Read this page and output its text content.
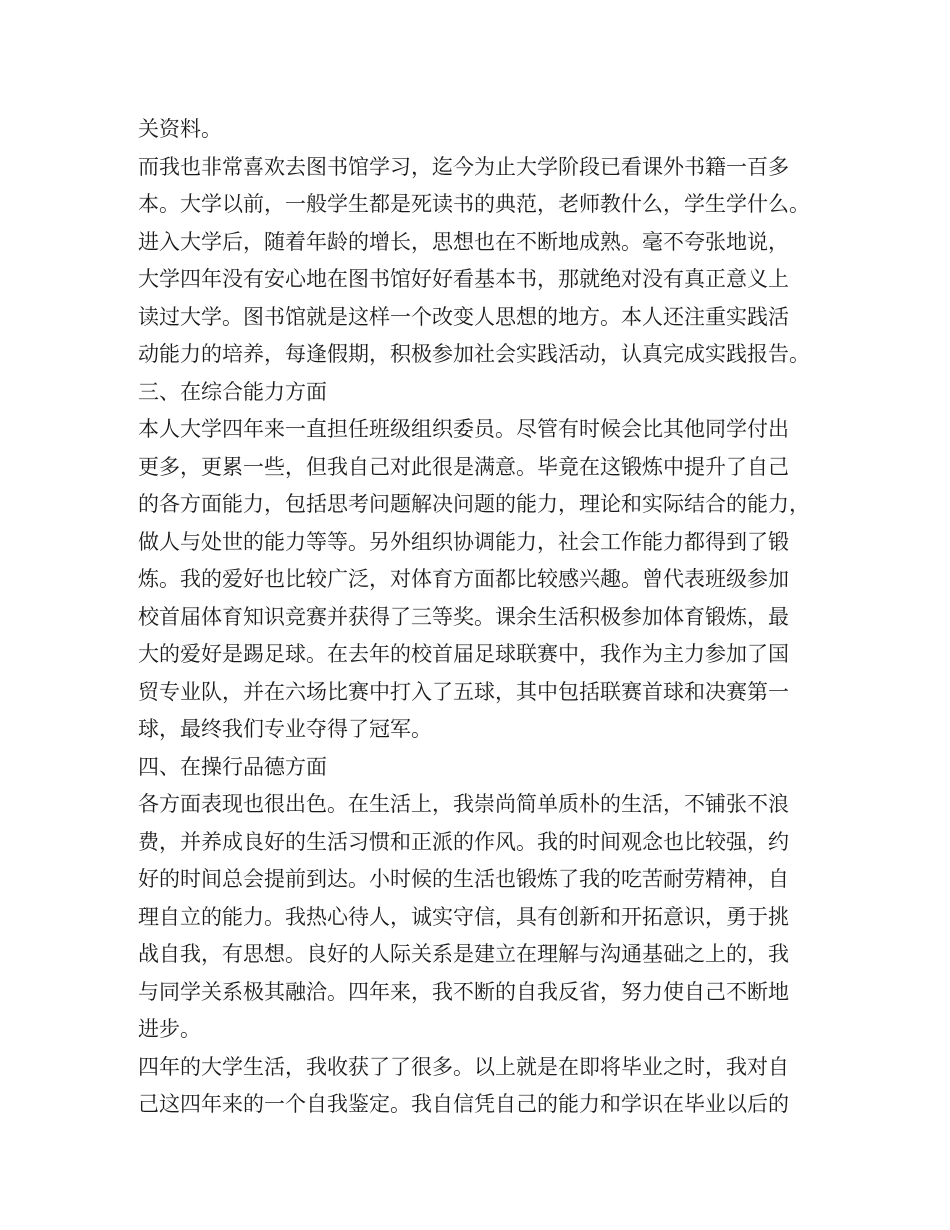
关资料。
而我也非常喜欢去图书馆学习，迄今为止大学阶段已看课外书籍一百多
本。大学以前，一般学生都是死读书的典范，老师教什么，学生学什么。
进入大学后，随着年龄的增长，思想也在不断地成熟。毫不夸张地说，
大学四年没有安心地在图书馆好好看基本书，那就绝对没有真正意义上
读过大学。图书馆就是这样一个改变人思想的地方。本人还注重实践活
动能力的培养，每逢假期，积极参加社会实践活动，认真完成实践报告。
三、在综合能力方面
本人大学四年来一直担任班级组织委员。尽管有时候会比其他同学付出
更多，更累一些，但我自己对此很是满意。毕竟在这锻炼中提升了自己
的各方面能力，包括思考问题解决问题的能力，理论和实际结合的能力，
做人与处世的能力等等。另外组织协调能力，社会工作能力都得到了锻
炼。我的爱好也比较广泛，对体育方面都比较感兴趣。曾代表班级参加
校首届体育知识竞赛并获得了三等奖。课余生活积极参加体育锻炼，最
大的爱好是踢足球。在去年的校首届足球联赛中，我作为主力参加了国
贸专业队，并在六场比赛中打入了五球，其中包括联赛首球和决赛第一
球，最终我们专业夺得了冠军。
四、在操行品德方面
各方面表现也很出色。在生活上，我崇尚简单质朴的生活，不铺张不浪
费，并养成良好的生活习惯和正派的作风。我的时间观念也比较强，约
好的时间总会提前到达。小时候的生活也锻炼了我的吃苦耐劳精神，自
理自立的能力。我热心待人，诚实守信，具有创新和开拓意识，勇于挑
战自我，有思想。良好的人际关系是建立在理解与沟通基础之上的，我
与同学关系极其融洽。四年来，我不断的自我反省，努力使自己不断地
进步。
四年的大学生活，我收获了了很多。以上就是在即将毕业之时，我对自
己这四年来的一个自我鉴定。我自信凭自己的能力和学识在毕业以后的
